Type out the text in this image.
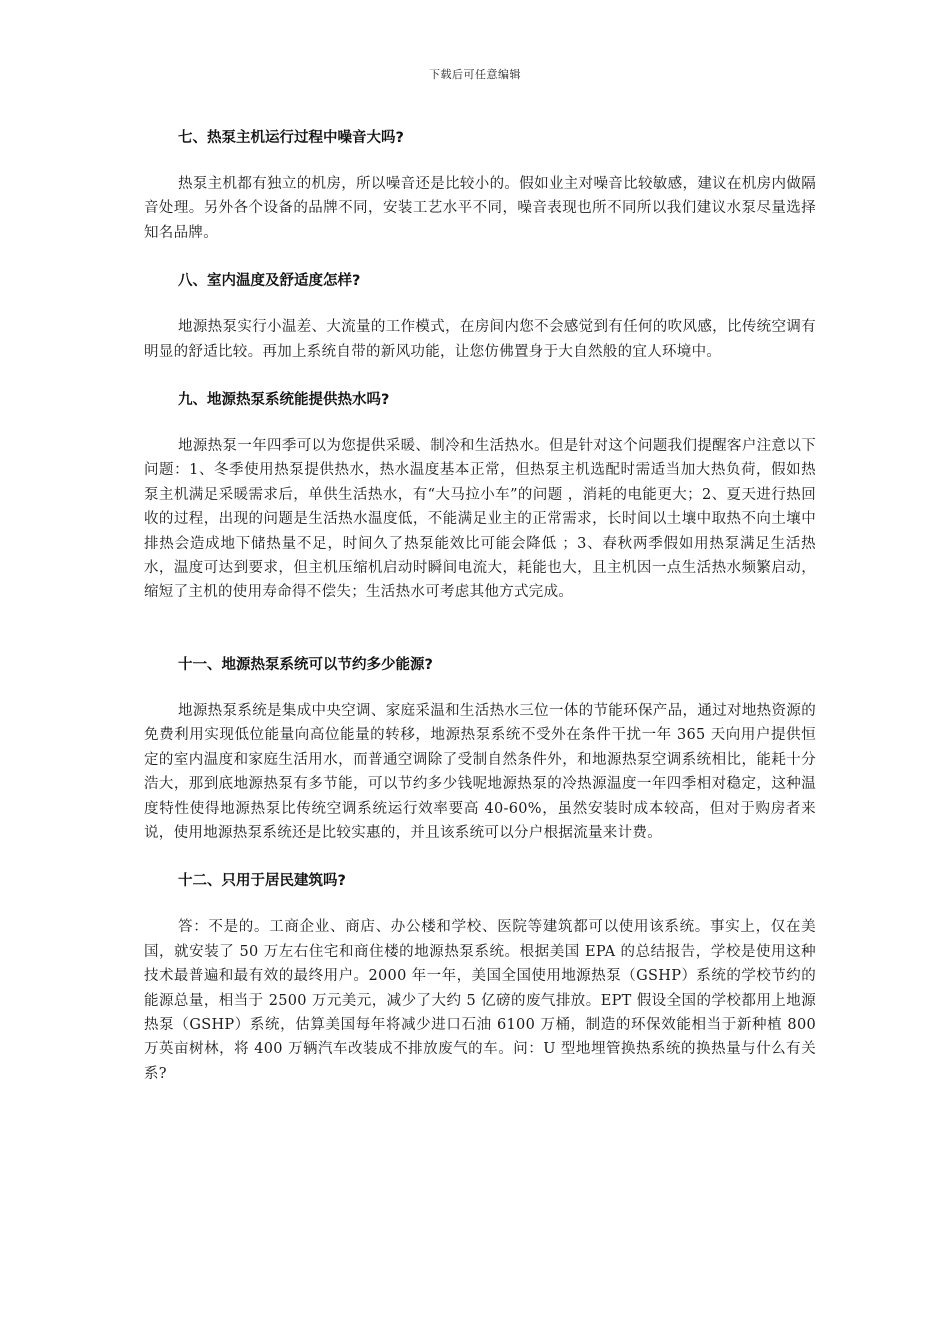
下载后可任意编辑
七、热泵主机运行过程中噪音大吗?

热泵主机都有独立的机房，所以噪音还是比较小的。假如业主对噪音比较敏感，建议在机房内做隔音处理。另外各个设备的品牌不同，安装工艺水平不同，噪音表现也所不同所以我们建议水泵尽量选择知名品牌。

八、室内温度及舒适度怎样?

地源热泵实行小温差、大流量的工作模式，在房间内您不会感觉到有任何的吹风感，比传统空调有明显的舒适比较。再加上系统自带的新风功能，让您仿佛置身于大自然般的宜人环境中。

九、地源热泵系统能提供热水吗?

地源热泵一年四季可以为您提供采暖、制冷和生活热水。但是针对这个问题我们提醒客户注意以下问题：1、冬季使用热泵提供热水，热水温度基本正常，但热泵主机选配时需适当加大热负荷，假如热泵主机满足采暖需求后，单供生活热水，有“大马拉小车”的问题 ，消耗的电能更大；2、夏天进行热回收的过程，出现的问题是生活热水温度低，不能满足业主的正常需求，长时间以土壤中取热不向土壤中排热会造成地下储热量不足，时间久了热泵能效比可能会降低 ；3、春秋两季假如用热泵满足生活热水，温度可达到要求，但主机压缩机启动时瞬间电流大，耗能也大，且主机因一点生活热水频繁启动，缩短了主机的使用寿命得不偿失；生活热水可考虑其他方式完成。

十一、地源热泵系统可以节约多少能源?

地源热泵系统是集成中央空调、家庭采温和生活热水三位一体的节能环保产品，通过对地热资源的免费利用实现低位能量向高位能量的转移，地源热泵系统不受外在条件干扰一年 365 天向用户提供恒定的室内温度和家庭生活用水，而普通空调除了受制自然条件外，和地源热泵空调系统相比，能耗十分浩大，那到底地源热泵有多节能，可以节约多少钱呢地源热泵的冷热源温度一年四季相对稳定，这种温度特性使得地源热泵比传统空调系统运行效率要高 40-60%，虽然安装时成本较高，但对于购房者来说，使用地源热泵系统还是比较实惠的，并且该系统可以分户根据流量来计费。

十二、只用于居民建筑吗?

答：不是的。工商企业、商店、办公楼和学校、医院等建筑都可以使用该系统。事实上，仅在美国，就安装了 50 万左右住宅和商住楼的地源热泵系统。根据美国 EPA 的总结报告，学校是使用这种技术最普遍和最有效的最终用户。2000 年一年，美国全国使用地源热泵（GSHP）系统的学校节约的能源总量，相当于 2500 万元美元，减少了大约 5 亿磅的废气排放。EPT 假设全国的学校都用上地源热泵（GSHP）系统，估算美国每年将减少进口石油 6100 万桶，制造的环保效能相当于新种植 800 万英亩树林，将 400 万辆汽车改装成不排放废气的车。问：U 型地埋管换热系统的换热量与什么有关系?
